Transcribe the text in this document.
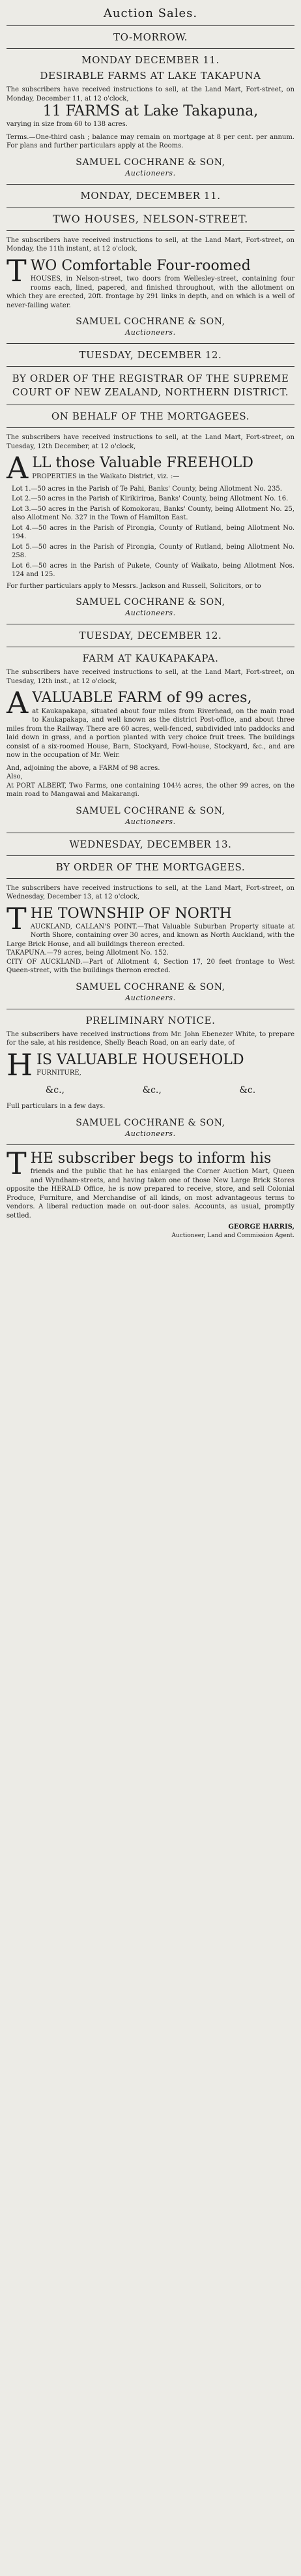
Auction Sales.
TO-MORROW.
MONDAY DECEMBER 11.
DESIRABLE FARMS AT LAKE TAKAPUNA
The subscribers have received instructions to sell, at the Land Mart, Fort-street, on Monday, December 11, at 12 o'clock,
11 FARMS at Lake Takapuna,
varying in size from 60 to 138 acres.
Terms.—One-third cash ; balance may remain on mortgage at 8 per cent. per annum. For plans and further particulars apply at the Rooms.
SAMUEL COCHRANE & SON,
Auctioneers.
MONDAY, DECEMBER 11.
TWO HOUSES, NELSON-STREET.
The subscribers have received instructions to sell, at the Land Mart, Fort-street, on Monday, the 11th instant, at 12 o'clock,
T WO Comfortable Four-roomed
HOUSES, in Nelson-street, two doors from Wellesley-street, containing four rooms each, lined, papered, and finished throughout, with the allotment on which they are erected, 20ft. frontage by 291 links in depth, and on which is a well of never-failing water.
SAMUEL COCHRANE & SON,
Auctioneers.
TUESDAY, DECEMBER 12.
BY ORDER OF THE REGISTRAR OF THE SUPREME COURT OF NEW ZEALAND, NORTHERN DISTRICT.
ON BEHALF OF THE MORTGAGEES.
The subscribers have received instructions to sell, at the Land Mart, Fort-street, on Tuesday, 12th December, at 12 o'clock,
A LL those Valuable FREEHOLD
PROPERTIES in the Waikato District, viz. :—
Lot 1.—50 acres in the Parish of Te Pahi, Banks' County, being Allotment No. 235.
Lot 2.—50 acres in the Parish of Kirikiriroa, Banks' County, being Allotment No. 16.
Lot 3.—50 acres in the Parish of Komokorau, Banks' County, being Allotment No. 25, also Allotment No. 327 in the Town of Hamilton East.
Lot 4.—50 acres in the Parish of Pirongia, County of Rutland, being Allotment No. 194.
Lot 5.—50 acres in the Parish of Pirongia, County of Rutland, being Allotment No. 258.
Lot 6.—50 acres in the Parish of Pukete, County of Waikato, being Allotment Nos. 124 and 125.
For further particulars apply to Messrs. Jackson and Russell, Solicitors, or to
SAMUEL COCHRANE & SON,
Auctioneers.
TUESDAY, DECEMBER 12.
FARM AT KAUKAPAKAPA.
The subscribers have received instructions to sell, at the Land Mart, Fort-street, on Tuesday, 12th inst., at 12 o'clock,
A VALUABLE FARM of 99 acres,
at Kaukapakapa, situated about four miles from Riverhead, on the main road to Kaukapakapa, and well known as the district Post-office, and about three miles from the Railway. There are 60 acres, well-fenced, subdivided into paddocks and laid down in grass, and a portion planted with very choice fruit trees. The buildings consist of a six-roomed House, Barn, Stockyard, Fowl-house, Stockyard, &c., and are now in the occupation of Mr. Weir.
And, adjoining the above, a FARM of 98 acres.
Also,
At PORT ALBERT, Two Farms, one containing 104½ acres, the other 99 acres, on the main road to Mangawai and Makarangi.
SAMUEL COCHRANE & SON,
Auctioneers.
WEDNESDAY, DECEMBER 13.
BY ORDER OF THE MORTGAGEES.
The subscribers have received instructions to sell, at the Land Mart, Fort-street, on Wednesday, December 13, at 12 o'clock,
T HE TOWNSHIP OF NORTH
AUCKLAND, CALLAN'S POINT.—That Valuable Suburban Property situate at North Shore, containing over 30 acres, and known as North Auckland, with the Large Brick House, and all buildings thereon erected.
TAKAPUNA.—79 acres, being Allotment No. 152.
CITY OF AUCKLAND.—Part of Allotment 4, Section 17, 20 feet frontage to West Queen-street, with the buildings thereon erected.
SAMUEL COCHRANE & SON,
Auctioneers.
PRELIMINARY NOTICE.
The subscribers have received instructions from Mr. John Ebenezer White, to prepare for the sale, at his residence, Shelly Beach Road, on an early date, of
H IS VALUABLE HOUSEHOLD
FURNITURE,
&c.,	&c.,	&c.
Full particulars in a few days.
SAMUEL COCHRANE & SON,
Auctioneers.
T HE subscriber begs to inform his
friends and the public that he has enlarged the Corner Auction Mart, Queen and Wyndham-streets, and having taken one of those New Large Brick Stores opposite the HERALD Office, he is now prepared to receive, store, and sell Colonial Produce, Furniture, and Merchandise of all kinds, on most advantageous terms to vendors. A liberal reduction made on out-door sales. Accounts, as usual, promptly settled.
GEORGE HARRIS,
Auctioneer, Land and Commission Agent.
